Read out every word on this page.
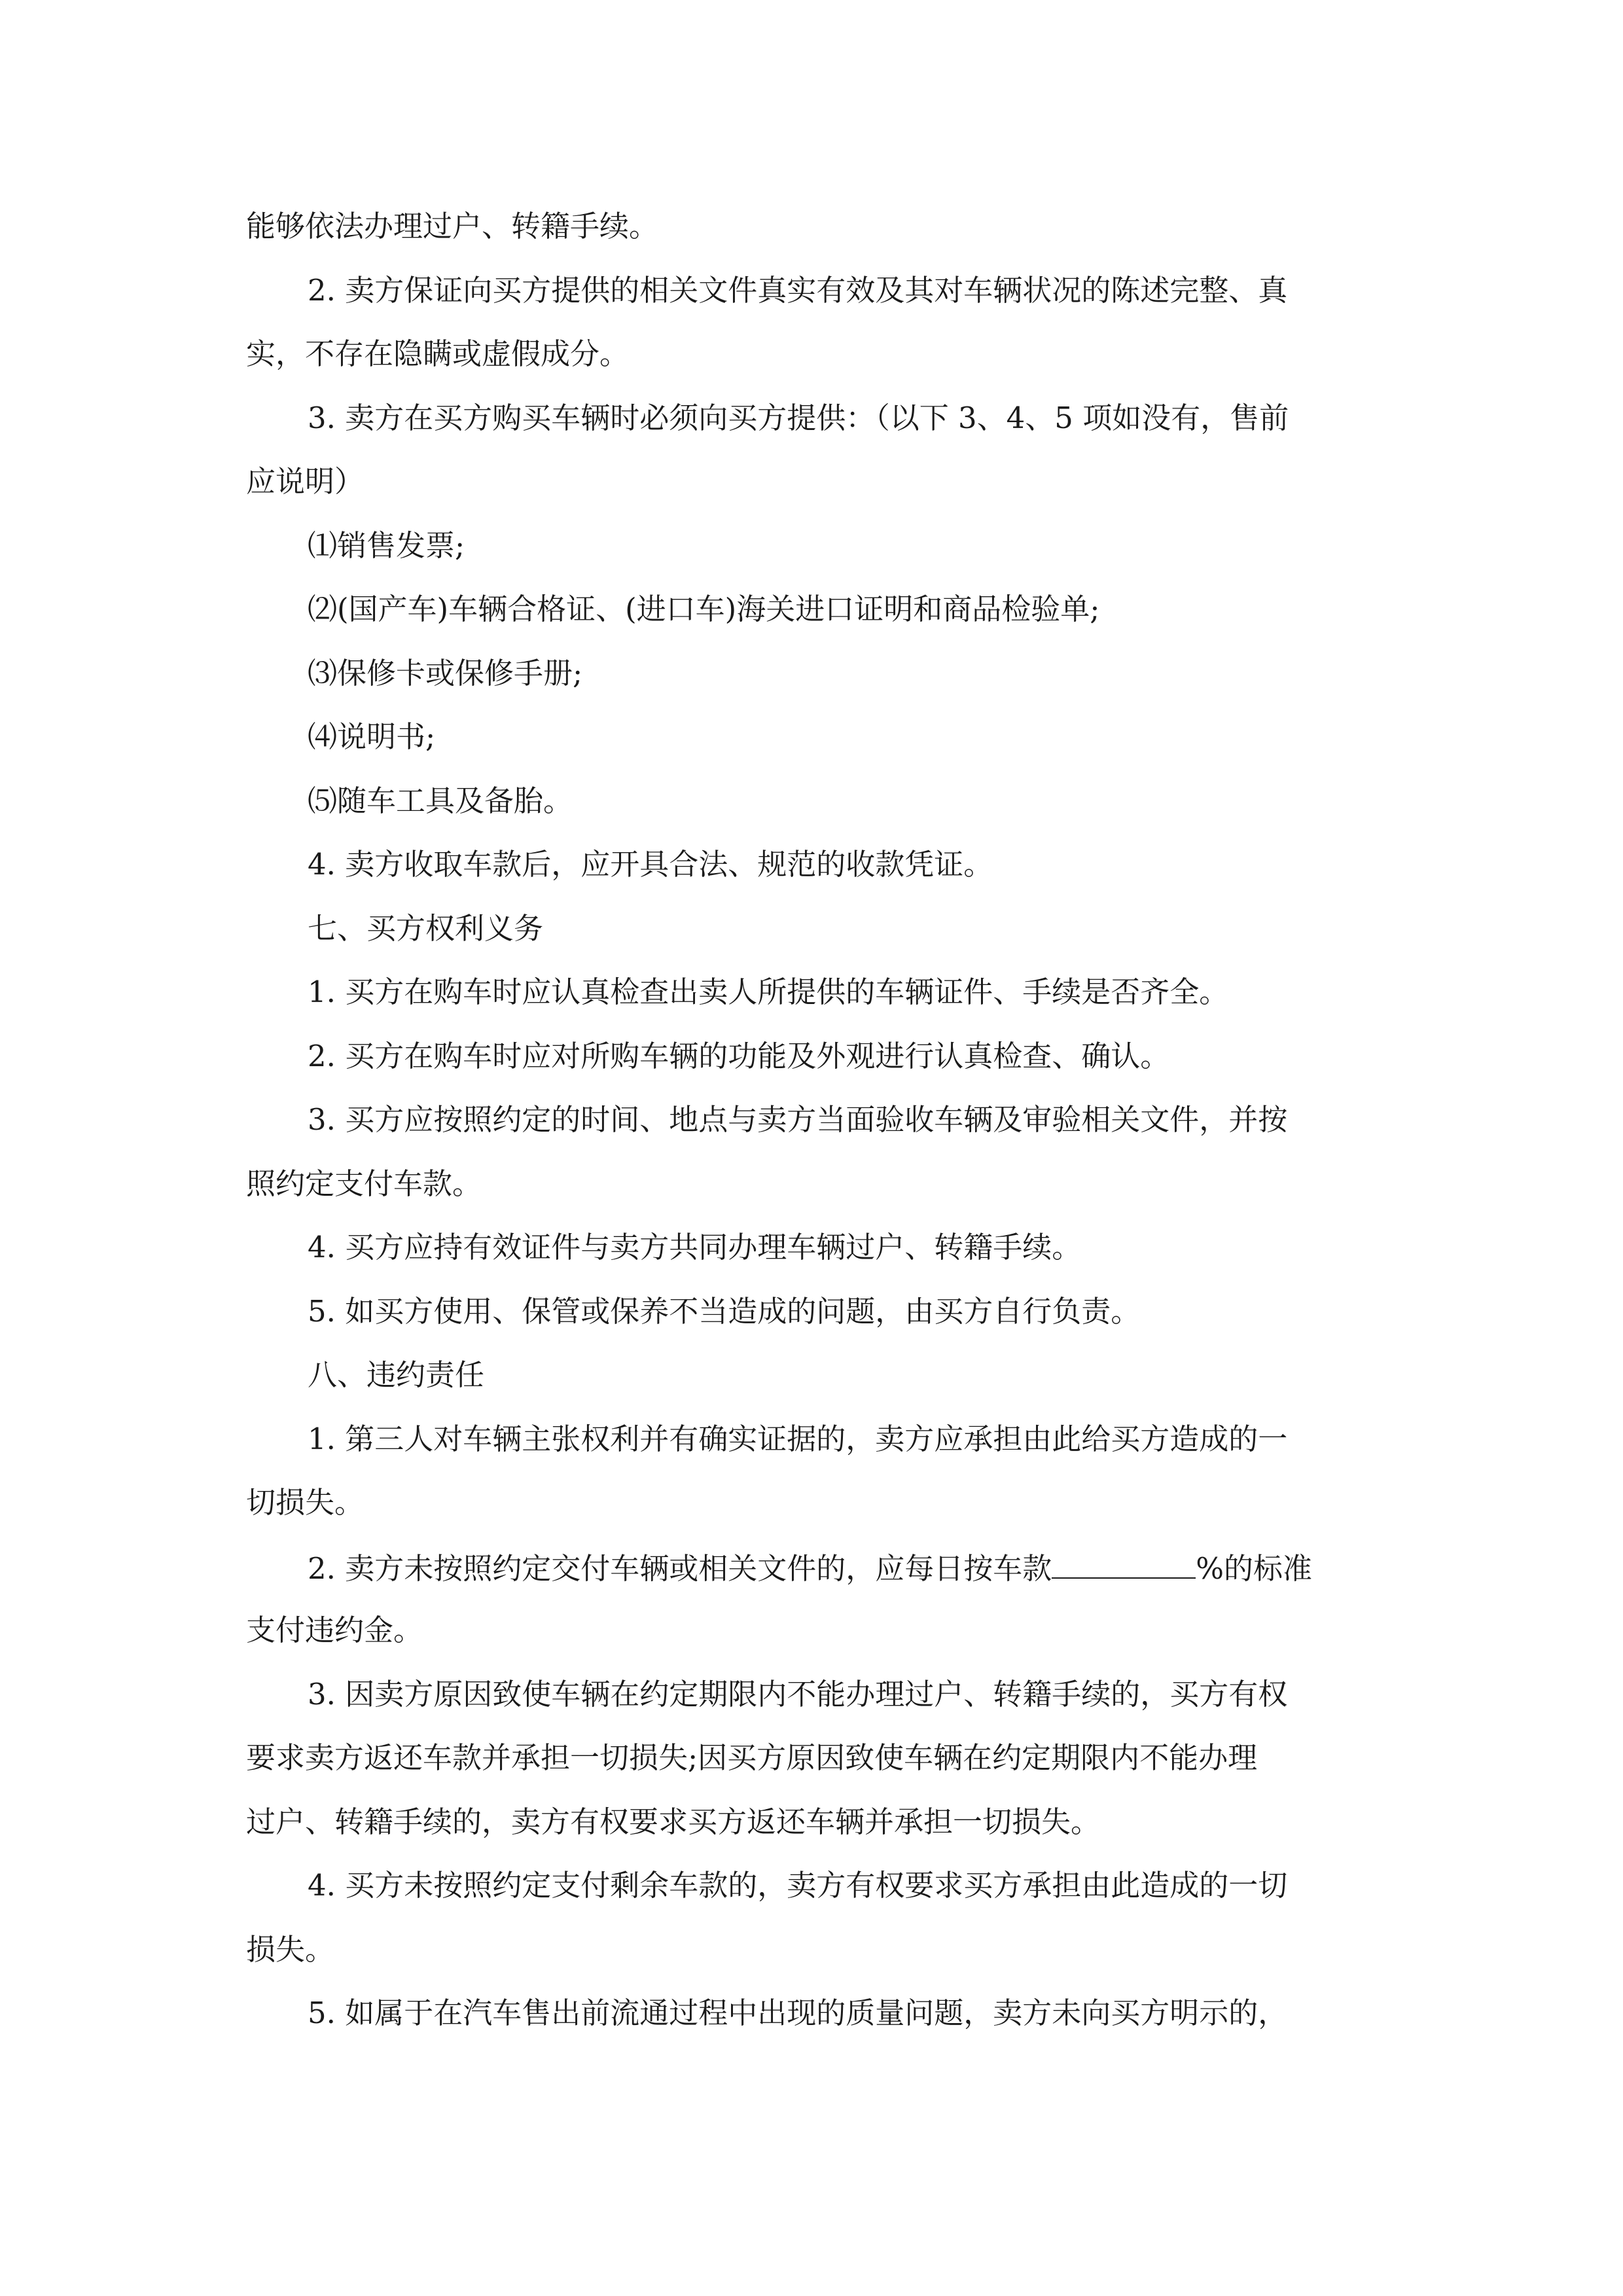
能够依法办理过户、转籍手续。

2. 卖方保证向买方提供的相关文件真实有效及其对车辆状况的陈述完整、真

实，不存在隐瞒或虚假成分。

3. 卖方在买方购买车辆时必须向买方提供：（以下 3、4、5 项如没有，售前

应说明）

⑴销售发票;

⑵(国产车)车辆合格证、(进口车)海关进口证明和商品检验单;

⑶保修卡或保修手册;

⑷说明书;

⑸随车工具及备胎。

4. 卖方收取车款后，应开具合法、规范的收款凭证。

七、买方权利义务

1. 买方在购车时应认真检查出卖人所提供的车辆证件、手续是否齐全。

2. 买方在购车时应对所购车辆的功能及外观进行认真检查、确认。

3. 买方应按照约定的时间、地点与卖方当面验收车辆及审验相关文件，并按

照约定支付车款。

4. 买方应持有效证件与卖方共同办理车辆过户、转籍手续。

5. 如买方使用、保管或保养不当造成的问题，由买方自行负责。

八、违约责任

1. 第三人对车辆主张权利并有确实证据的，卖方应承担由此给买方造成的一

切损失。

2. 卖方未按照约定交付车辆或相关文件的，应每日按车款	%的标准

支付违约金。

3. 因卖方原因致使车辆在约定期限内不能办理过户、转籍手续的，买方有权

要求卖方返还车款并承担一切损失;因买方原因致使车辆在约定期限内不能办理

过户、转籍手续的，卖方有权要求买方返还车辆并承担一切损失。

4. 买方未按照约定支付剩余车款的，卖方有权要求买方承担由此造成的一切

损失。

5. 如属于在汽车售出前流通过程中出现的质量问题，卖方未向买方明示的，
